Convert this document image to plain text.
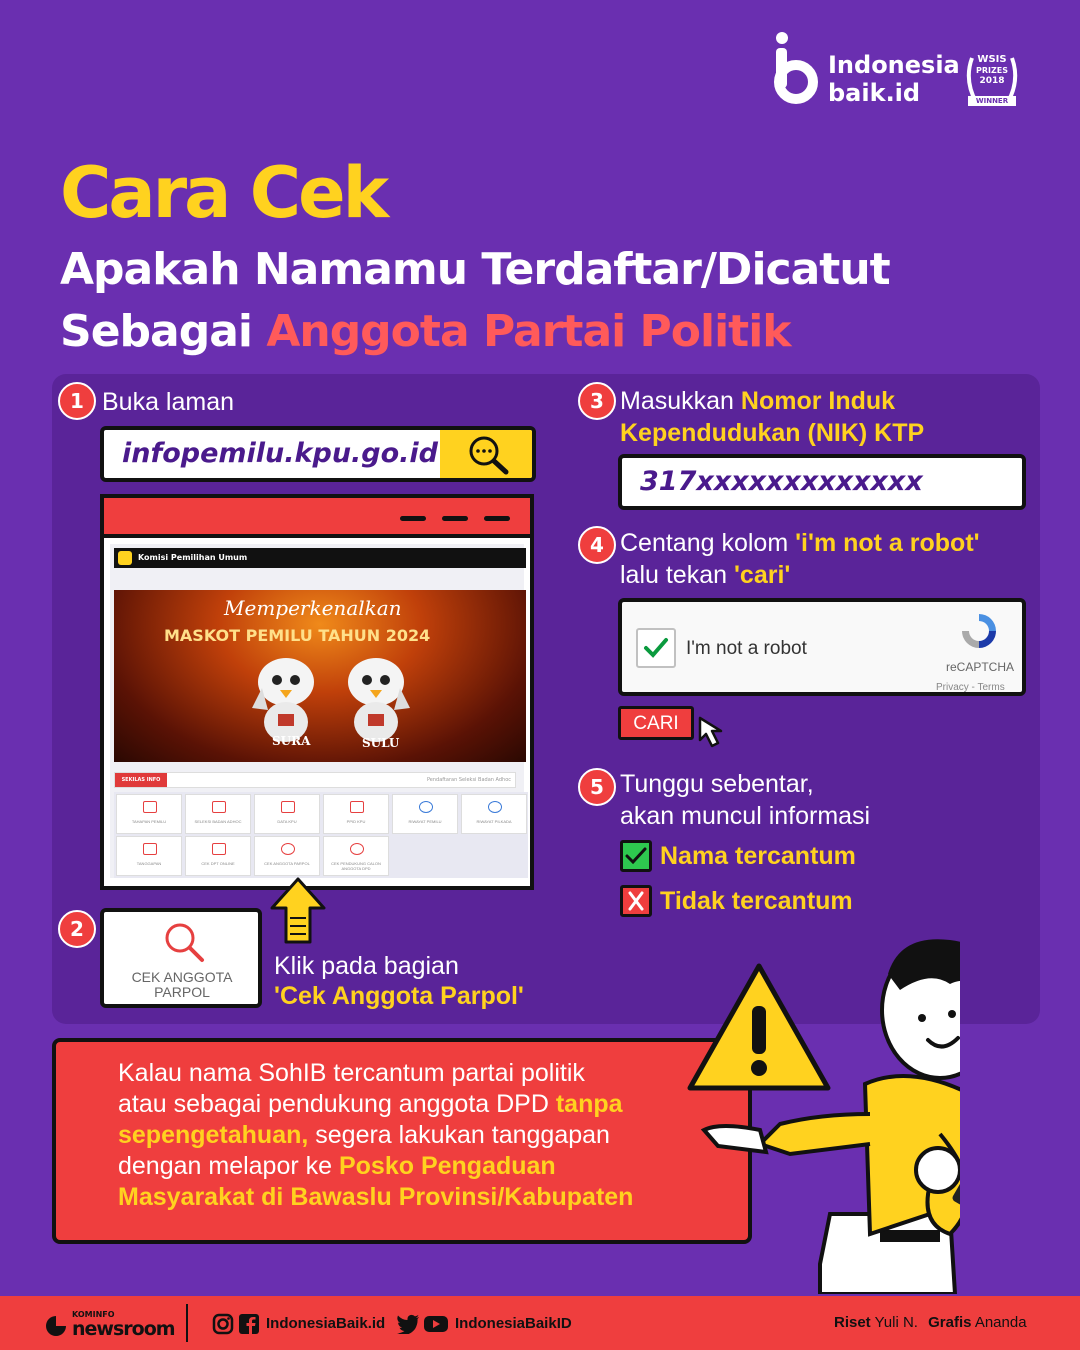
Indonesia
baik.id
WSIS
PRIZES
2018
WINNER
Cara Cek
Apakah Namamu Terdaftar/Dicatut
Sebagai Anggota Partai Politik
1 Buka laman
infopemilu.kpu.go.id
Komisi Pemilihan Umum
Memperkenalkan
MASKOT PEMILU TAHUN 2024
SURA	SULU
SEKILAS INFO	Pendaftaran Seleksi Badan Adhoc
TAHAPAN PEMILU	SELEKSI BADAN ADHOC	DATA KPU	PPID KPU	RIWAYAT PEMILU	RIWAYAT PILKADA
TANGGAPAN	CEK DPT ONLINE	CEK ANGGOTA PARPOL	CEK PENDUKUNG CALON ANGGOTA DPD
2
CEK ANGGOTA PARPOL
Klik pada bagian
'Cek Anggota Parpol'
3 Masukkan Nomor Induk
Kependudukan (NIK) KTP
317xxxxxxxxxxxxx
4 Centang kolom 'i'm not a robot'
lalu tekan 'cari'
I'm not a robot
reCAPTCHA
Privacy - Terms
CARI
5 Tunggu sebentar,
akan muncul informasi
Nama tercantum
Tidak tercantum
Kalau nama SohIB tercantum partai politik
atau sebagai pendukung anggota DPD tanpa
sepengetahuan, segera lakukan tanggapan
dengan melapor ke Posko Pengaduan
Masyarakat di Bawaslu Provinsi/Kabupaten
KOMINFO
newsroom	IndonesiaBaik.id	IndonesiaBaikID	Riset Yuli N. Grafis Ananda
